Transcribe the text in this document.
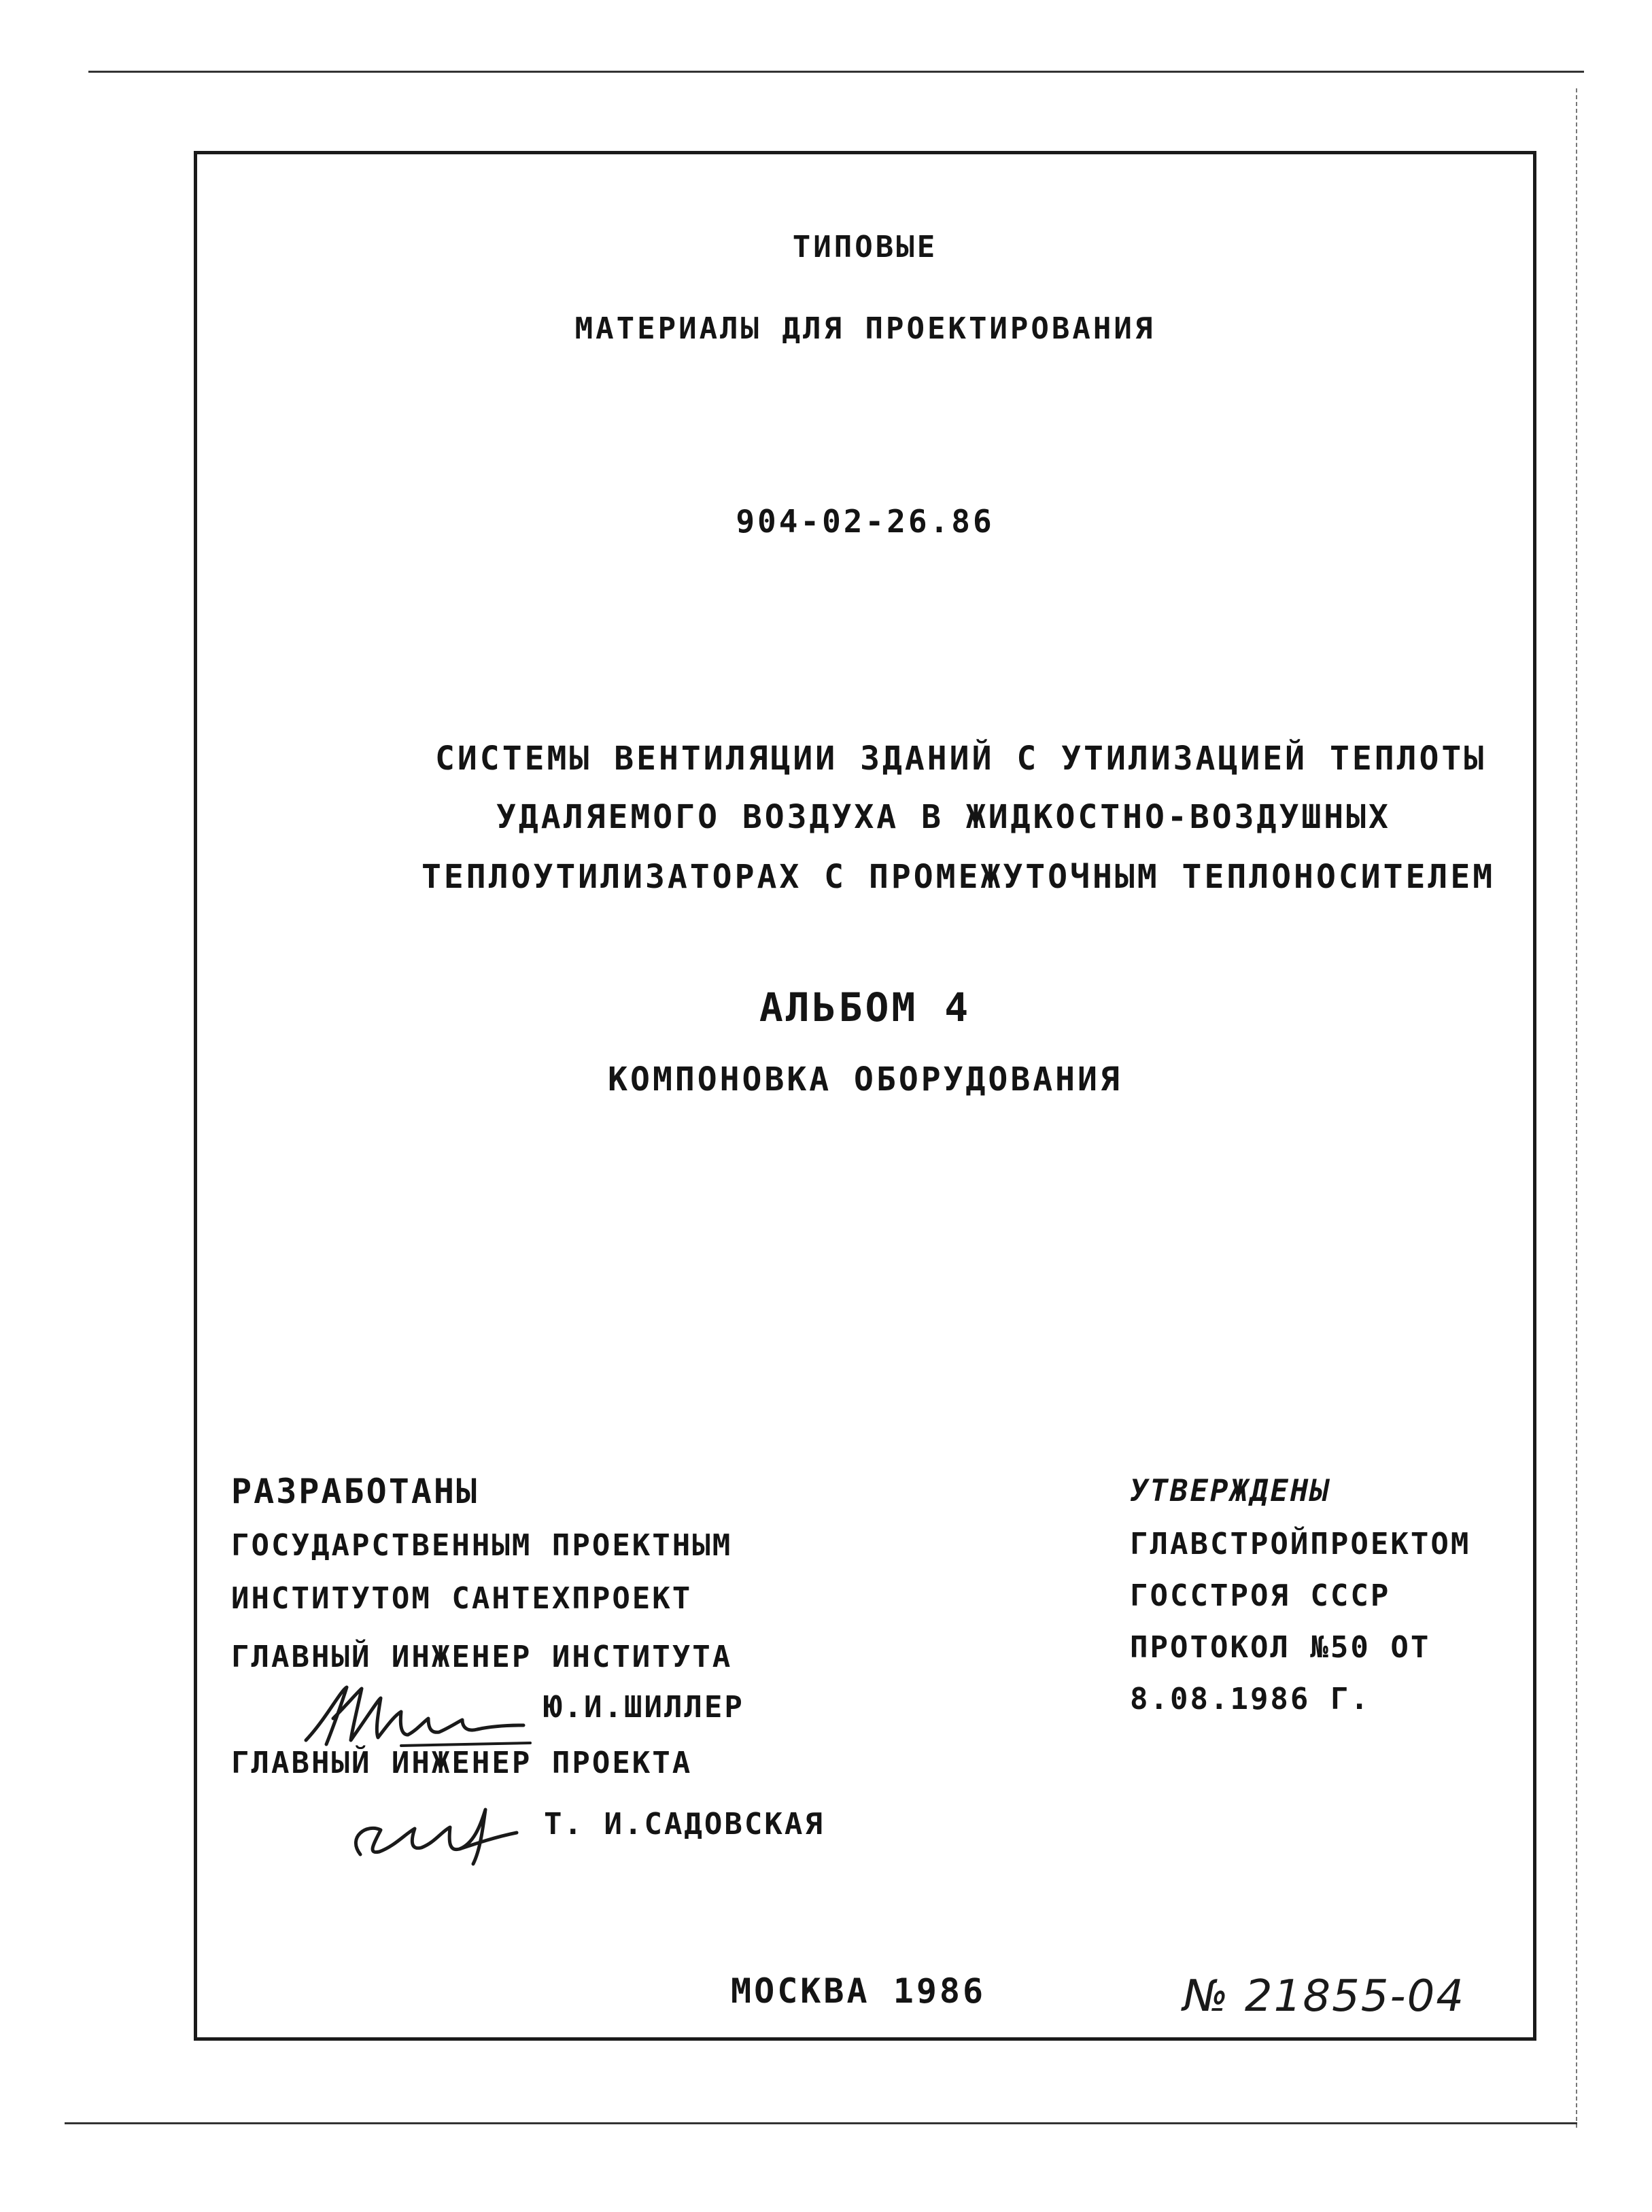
ТИПОВЫЕ
МАТЕРИАЛЫ ДЛЯ ПРОЕКТИРОВАНИЯ
904-02-26.86
СИСТЕМЫ ВЕНТИЛЯЦИИ ЗДАНИЙ С УТИЛИЗАЦИЕЙ ТЕПЛОТЫ
УДАЛЯЕМОГО ВОЗДУХА В ЖИДКОСТНО-ВОЗДУШНЫХ
ТЕПЛОУТИЛИЗАТОРАХ С ПРОМЕЖУТОЧНЫМ ТЕПЛОНОСИТЕЛЕМ
АЛЬБОМ 4
КОМПОНОВКА ОБОРУДОВАНИЯ
РАЗРАБОТАНЫ
ГОСУДАРСТВЕННЫМ ПРОЕКТНЫМ
ИНСТИТУТОМ САНТЕХПРОЕКТ
ГЛАВНЫЙ ИНЖЕНЕР ИНСТИТУТА
Ю.И.ШИЛЛЕР
ГЛАВНЫЙ ИНЖЕНЕР ПРОЕКТА
Т. И.САДОВСКАЯ
УТВЕРЖДЕНЫ
ГЛАВСТРОЙПРОЕКТОМ
ГОССТРОЯ СССР
ПРОТОКОЛ №50 ОТ
8.08.1986 Г.
МОСКВА 1986	№ 21855-04
